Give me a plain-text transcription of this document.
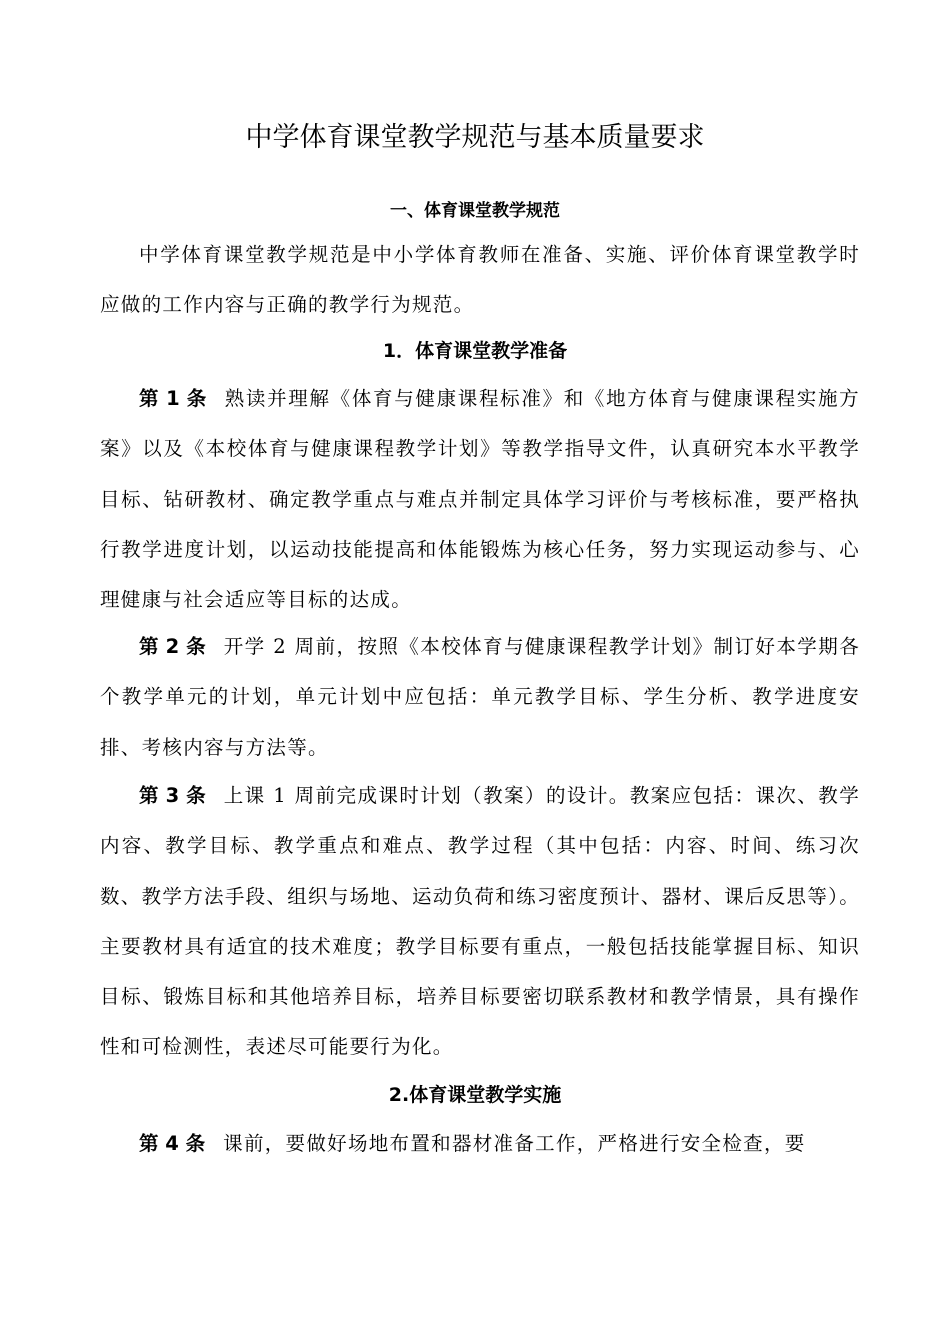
中学体育课堂教学规范与基本质量要求
一、体育课堂教学规范
中学体育课堂教学规范是中小学体育教师在准备、实施、评价体育课堂教学时应做的工作内容与正确的教学行为规范。
1．体育课堂教学准备
第 1 条 熟读并理解《体育与健康课程标准》和《地方体育与健康课程实施方案》以及《本校体育与健康课程教学计划》等教学指导文件，认真研究本水平教学目标、钻研教材、确定教学重点与难点并制定具体学习评价与考核标准，要严格执行教学进度计划，以运动技能提高和体能锻炼为核心任务，努力实现运动参与、心理健康与社会适应等目标的达成。
第 2 条 开学 2 周前，按照《本校体育与健康课程教学计划》制订好本学期各个教学单元的计划，单元计划中应包括：单元教学目标、学生分析、教学进度安排、考核内容与方法等。
第 3 条 上课 1 周前完成课时计划（教案）的设计。教案应包括：课次、教学内容、教学目标、教学重点和难点、教学过程（其中包括：内容、时间、练习次数、教学方法手段、组织与场地、运动负荷和练习密度预计、器材、课后反思等）。主要教材具有适宜的技术难度；教学目标要有重点，一般包括技能掌握目标、知识目标、锻炼目标和其他培养目标，培养目标要密切联系教材和教学情景，具有操作性和可检测性，表述尽可能要行为化。
2.体育课堂教学实施
第 4 条 课前，要做好场地布置和器材准备工作，严格进行安全检查，要
